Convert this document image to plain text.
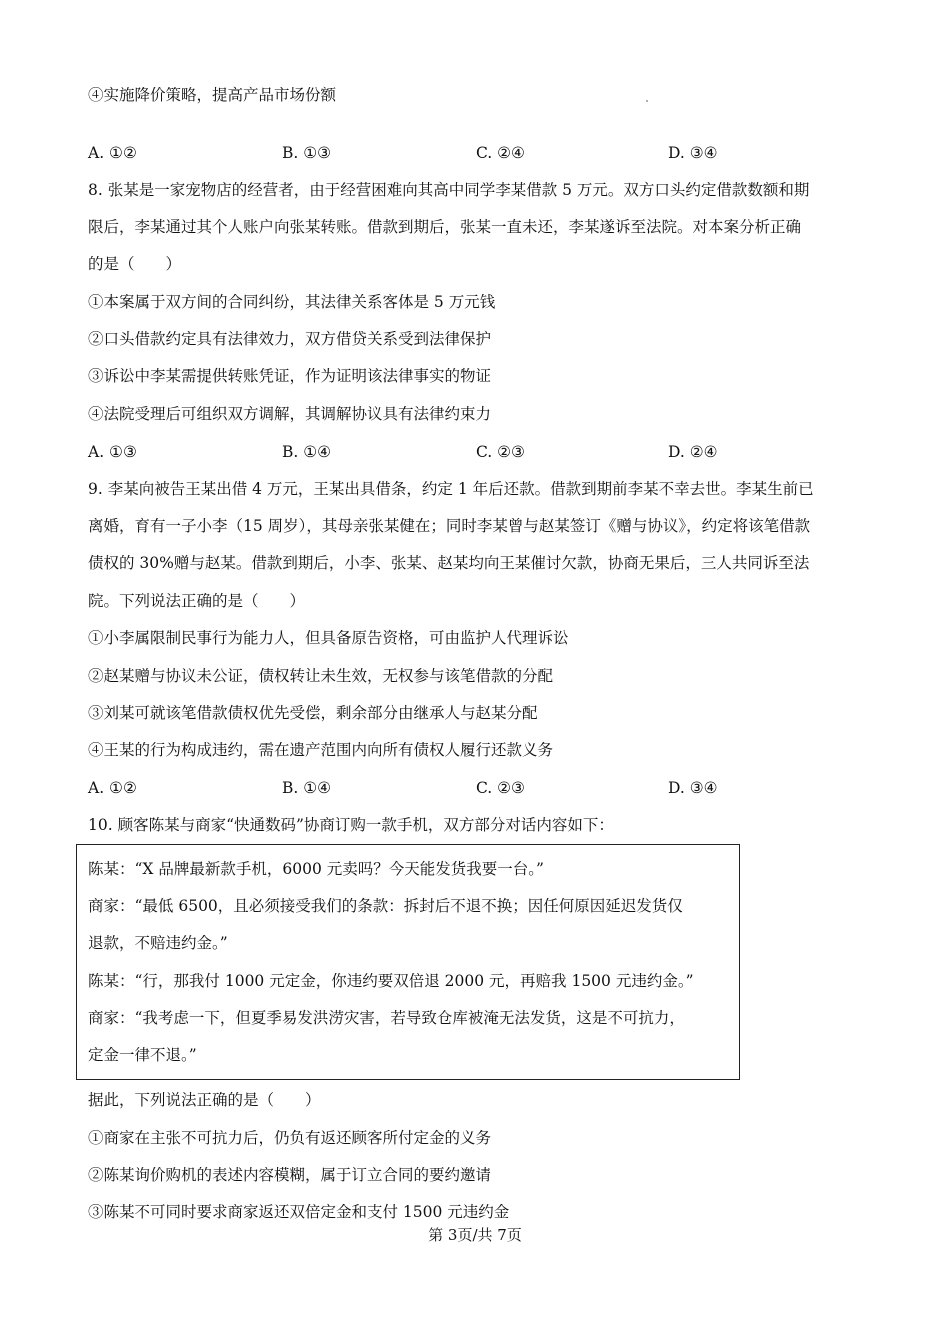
④实施降价策略，提高产品市场份额
A. ①②	B. ①③	C. ②④	D. ③④
8. 张某是一家宠物店的经营者，由于经营困难向其高中同学李某借款 5 万元。双方口头约定借款数额和期
限后，李某通过其个人账户向张某转账。借款到期后，张某一直未还，李某遂诉至法院。对本案分析正确
的是（　　）
①本案属于双方间的合同纠纷，其法律关系客体是 5 万元钱
②口头借款约定具有法律效力，双方借贷关系受到法律保护
③诉讼中李某需提供转账凭证，作为证明该法律事实的物证
④法院受理后可组织双方调解，其调解协议具有法律约束力
A. ①③	B. ①④	C. ②③	D. ②④
9. 李某向被告王某出借 4 万元，王某出具借条，约定 1 年后还款。借款到期前李某不幸去世。李某生前已
离婚，育有一子小李（15 周岁），其母亲张某健在；同时李某曾与赵某签订《赠与协议》，约定将该笔借款
债权的 30%赠与赵某。借款到期后，小李、张某、赵某均向王某催讨欠款，协商无果后，三人共同诉至法
院。下列说法正确的是（　　）
①小李属限制民事行为能力人，但具备原告资格，可由监护人代理诉讼
②赵某赠与协议未公证，债权转让未生效，无权参与该笔借款的分配
③刘某可就该笔借款债权优先受偿，剩余部分由继承人与赵某分配
④王某的行为构成违约，需在遗产范围内向所有债权人履行还款义务
A. ①②	B. ①④	C. ②③	D. ③④
10. 顾客陈某与商家“快通数码”协商订购一款手机，双方部分对话内容如下：
陈某：“X 品牌最新款手机，6000 元卖吗？今天能发货我要一台。”
商家：“最低 6500，且必须接受我们的条款：拆封后不退不换；因任何原因延迟发货仅
退款，不赔违约金。”
陈某：“行，那我付 1000 元定金，你违约要双倍退 2000 元，再赔我 1500 元违约金。”
商家：“我考虑一下，但夏季易发洪涝灾害，若导致仓库被淹无法发货，这是不可抗力，
定金一律不退。”
据此，下列说法正确的是（　　）
①商家在主张不可抗力后，仍负有返还顾客所付定金的义务
②陈某询价购机的表述内容模糊，属于订立合同的要约邀请
③陈某不可同时要求商家返还双倍定金和支付 1500 元违约金
第 3页/共 7页
